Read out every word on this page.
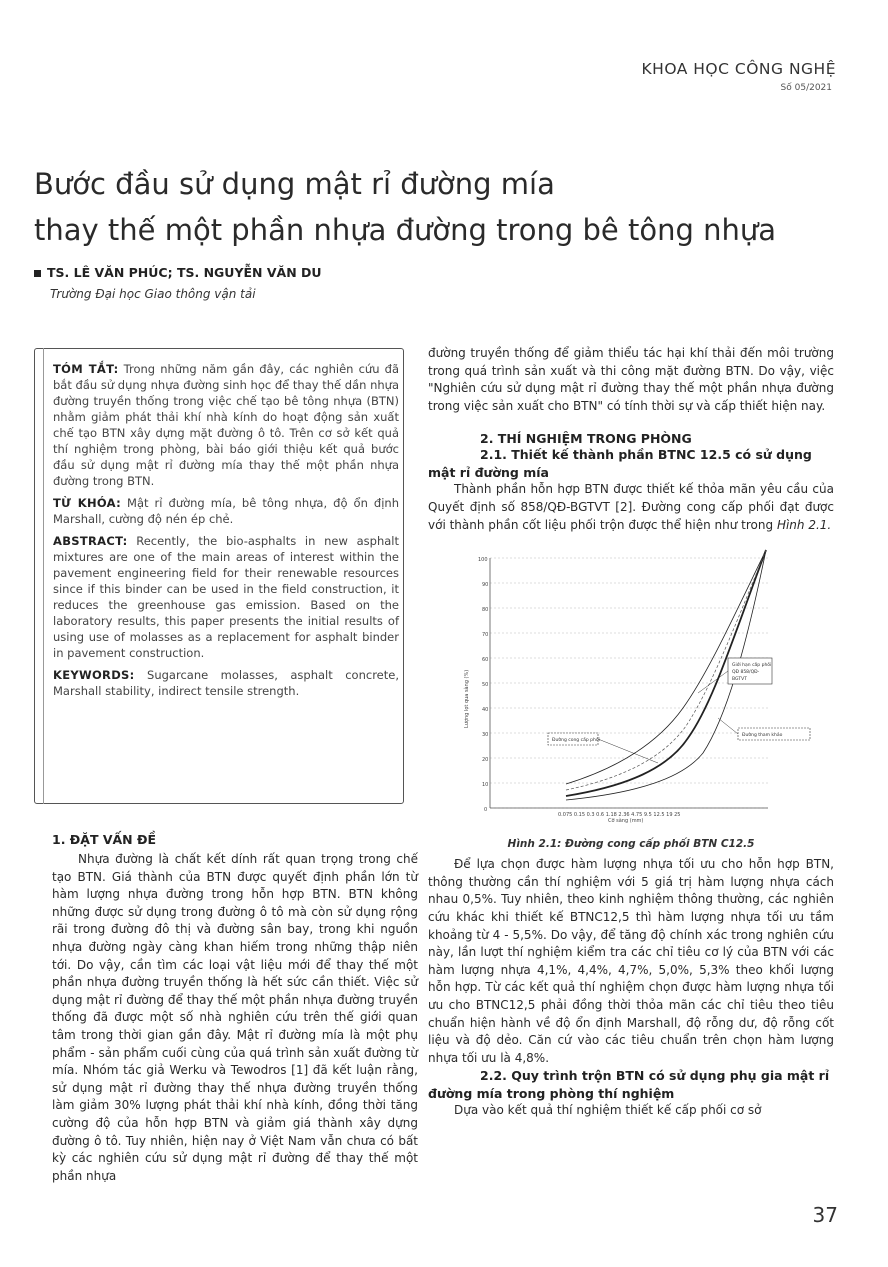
KHOA HỌC CÔNG NGHỆ
Số 05/2021
Bước đầu sử dụng mật rỉ đường mía
thay thế một phần nhựa đường trong bê tông nhựa
TS. LÊ VĂN PHÚC; TS. NGUYỄN VĂN DU
Trường Đại học Giao thông vận tải

TÓM TẮT: Trong những năm gần đây, các nghiên cứu đã bắt đầu sử dụng nhựa đường sinh học để thay thế dần nhựa đường truyền thống trong việc chế tạo bê tông nhựa (BTN) nhằm giảm phát thải khí nhà kính do hoạt động sản xuất chế tạo BTN xây dựng mặt đường ô tô. Trên cơ sở kết quả thí nghiệm trong phòng, bài báo giới thiệu kết quả bước đầu sử dụng mật rỉ đường mía thay thế một phần nhựa đường trong BTN.

TỪ KHÓA: Mật rỉ đường mía, bê tông nhựa, độ ổn định Marshall, cường độ nén ép chẻ.

ABSTRACT: Recently, the bio-asphalts in new asphalt mixtures are one of the main areas of interest within the pavement engineering field for their renewable resources since if this binder can be used in the field construction, it reduces the greenhouse gas emission. Based on the laboratory results, this paper presents the initial results of using use of molasses as a replacement for asphalt binder in pavement construction.

KEYWORDS: Sugarcane molasses, asphalt concrete, Marshall stability, indirect tensile strength.

1. ĐẶT VẤN ĐỀ

Nhựa đường là chất kết dính rất quan trọng trong chế tạo BTN. Giá thành của BTN được quyết định phần lớn từ hàm lượng nhựa đường trong hỗn hợp BTN. BTN không những được sử dụng trong đường ô tô mà còn sử dụng rộng rãi trong đường đô thị và đường sân bay, trong khi nguồn nhựa đường ngày càng khan hiếm trong những thập niên tới. Do vậy, cần tìm các loại vật liệu mới để thay thế một phần nhựa đường truyền thống là hết sức cần thiết. Việc sử dụng mật rỉ đường để thay thế một phần nhựa đường truyền thống đã được một số nhà nghiên cứu trên thế giới quan tâm trong thời gian gần đây. Mật rỉ đường mía là một phụ phẩm - sản phẩm cuối cùng của quá trình sản xuất đường từ mía. Nhóm tác giả Werku và Tewodros [1] đã kết luận rằng, sử dụng mật rỉ đường thay thế nhựa đường truyền thống làm giảm 30% lượng phát thải khí nhà kính, đồng thời tăng cường độ của hỗn hợp BTN và giảm giá thành xây dựng đường ô tô. Tuy nhiên, hiện nay ở Việt Nam vẫn chưa có bất kỳ các nghiên cứu sử dụng mật rỉ đường để thay thế một phần nhựa

đường truyền thống để giảm thiểu tác hại khí thải đến môi trường trong quá trình sản xuất và thi công mặt đường BTN. Do vậy, việc "Nghiên cứu sử dụng mật rỉ đường thay thế một phần nhựa đường trong việc sản xuất cho BTN" có tính thời sự và cấp thiết hiện nay.

2. THÍ NGHIỆM TRONG PHÒNG
2.1. Thiết kế thành phần BTNC 12.5 có sử dụng mật rỉ đường mía

Thành phần hỗn hợp BTN được thiết kế thỏa mãn yêu cầu của Quyết định số 858/QĐ-BGTVT [2]. Đường cong cấp phối đạt được với thành phần cốt liệu phối trộn được thể hiện như trong Hình 2.1.

100
90
80
70
60
50
40
30
20
10
0
0.075 0.15 0.3 0.6 1.18 2.36 4.75 9.5 12.5 19 25
Cỡ sàng (mm)
Lượng lọt qua sàng (%)
Giới hạn cấp phối
QĐ 858/QĐ-
BGTVT
Đường tham khảo
Đường cong cấp phối
Hình 2.1: Đường cong cấp phối BTN C12.5

Để lựa chọn được hàm lượng nhựa tối ưu cho hỗn hợp BTN, thông thường cần thí nghiệm với 5 giá trị hàm lượng nhựa cách nhau 0,5%. Tuy nhiên, theo kinh nghiệm thông thường, các nghiên cứu khác khi thiết kế BTNC12,5 thì hàm lượng nhựa tối ưu tầm khoảng từ 4 - 5,5%. Do vậy, để tăng độ chính xác trong nghiên cứu này, lần lượt thí nghiệm kiểm tra các chỉ tiêu cơ lý của BTN với các hàm lượng nhựa 4,1%, 4,4%, 4,7%, 5,0%, 5,3% theo khối lượng hỗn hợp. Từ các kết quả thí nghiệm chọn được hàm lượng nhựa tối ưu cho BTNC12,5 phải đồng thời thỏa mãn các chỉ tiêu theo tiêu chuẩn hiện hành về độ ổn định Marshall, độ rỗng dư, độ rỗng cốt liệu và độ dẻo. Căn cứ vào các tiêu chuẩn trên chọn hàm lượng nhựa tối ưu là 4,8%.

2.2. Quy trình trộn BTN có sử dụng phụ gia mật rỉ đường mía trong phòng thí nghiệm

Dựa vào kết quả thí nghiệm thiết kế cấp phối cơ sở

37
